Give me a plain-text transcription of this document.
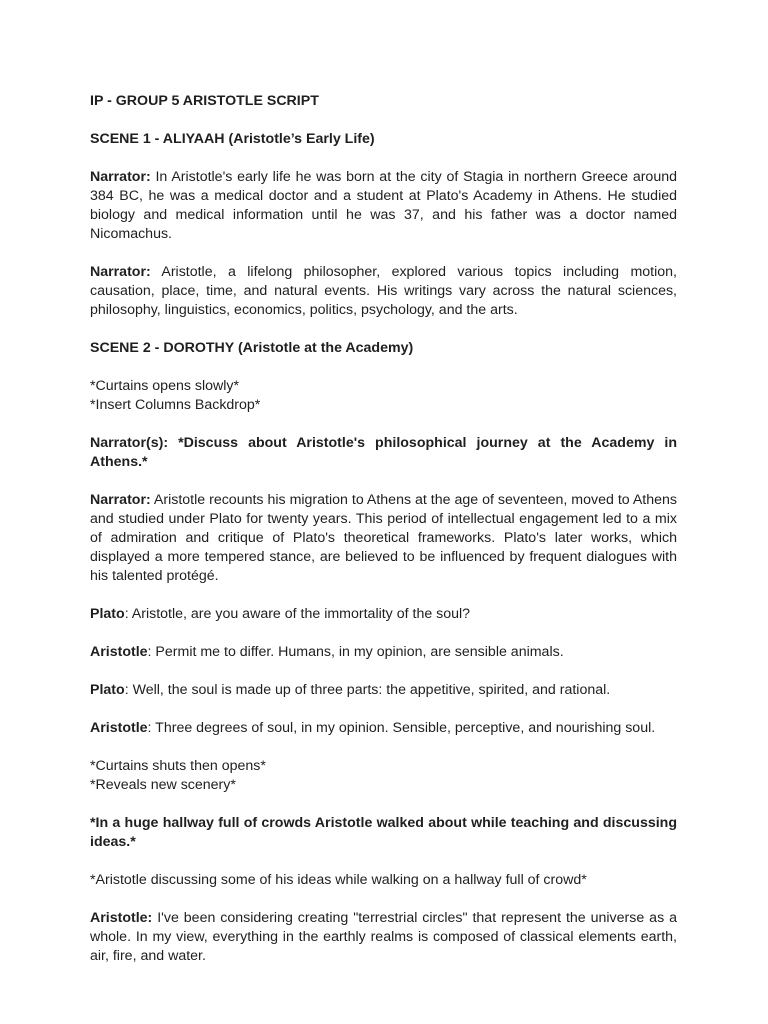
IP - GROUP 5 ARISTOTLE SCRIPT

SCENE 1 - ALIYAAH (Aristotle’s Early Life)

Narrator: In Aristotle's early life he was born at the city of Stagia in northern Greece around 384 BC, he was a medical doctor and a student at Plato's Academy in Athens. He studied biology and medical information until he was 37, and his father was a doctor named Nicomachus.

Narrator: Aristotle, a lifelong philosopher, explored various topics including motion, causation, place, time, and natural events. His writings vary across the natural sciences, philosophy, linguistics, economics, politics, psychology, and the arts.

SCENE 2 - DOROTHY (Aristotle at the Academy)

*Curtains opens slowly*
*Insert Columns Backdrop*

Narrator(s): *Discuss about Aristotle's philosophical journey at the Academy in Athens.*

Narrator: Aristotle recounts his migration to Athens at the age of seventeen, moved to Athens and studied under Plato for twenty years. This period of intellectual engagement led to a mix of admiration and critique of Plato's theoretical frameworks. Plato's later works, which displayed a more tempered stance, are believed to be influenced by frequent dialogues with his talented protégé.

Plato: Aristotle, are you aware of the immortality of the soul?

Aristotle: Permit me to differ. Humans, in my opinion, are sensible animals.

Plato: Well, the soul is made up of three parts: the appetitive, spirited, and rational.

Aristotle: Three degrees of soul, in my opinion. Sensible, perceptive, and nourishing soul.

*Curtains shuts then opens*
*Reveals new scenery*

*In a huge hallway full of crowds Aristotle walked about while teaching and discussing ideas.*

*Aristotle discussing some of his ideas while walking on a hallway full of crowd*

Aristotle: I've been considering creating "terrestrial circles" that represent the universe as a whole. In my view, everything in the earthly realms is composed of classical elements earth, air, fire, and water.
